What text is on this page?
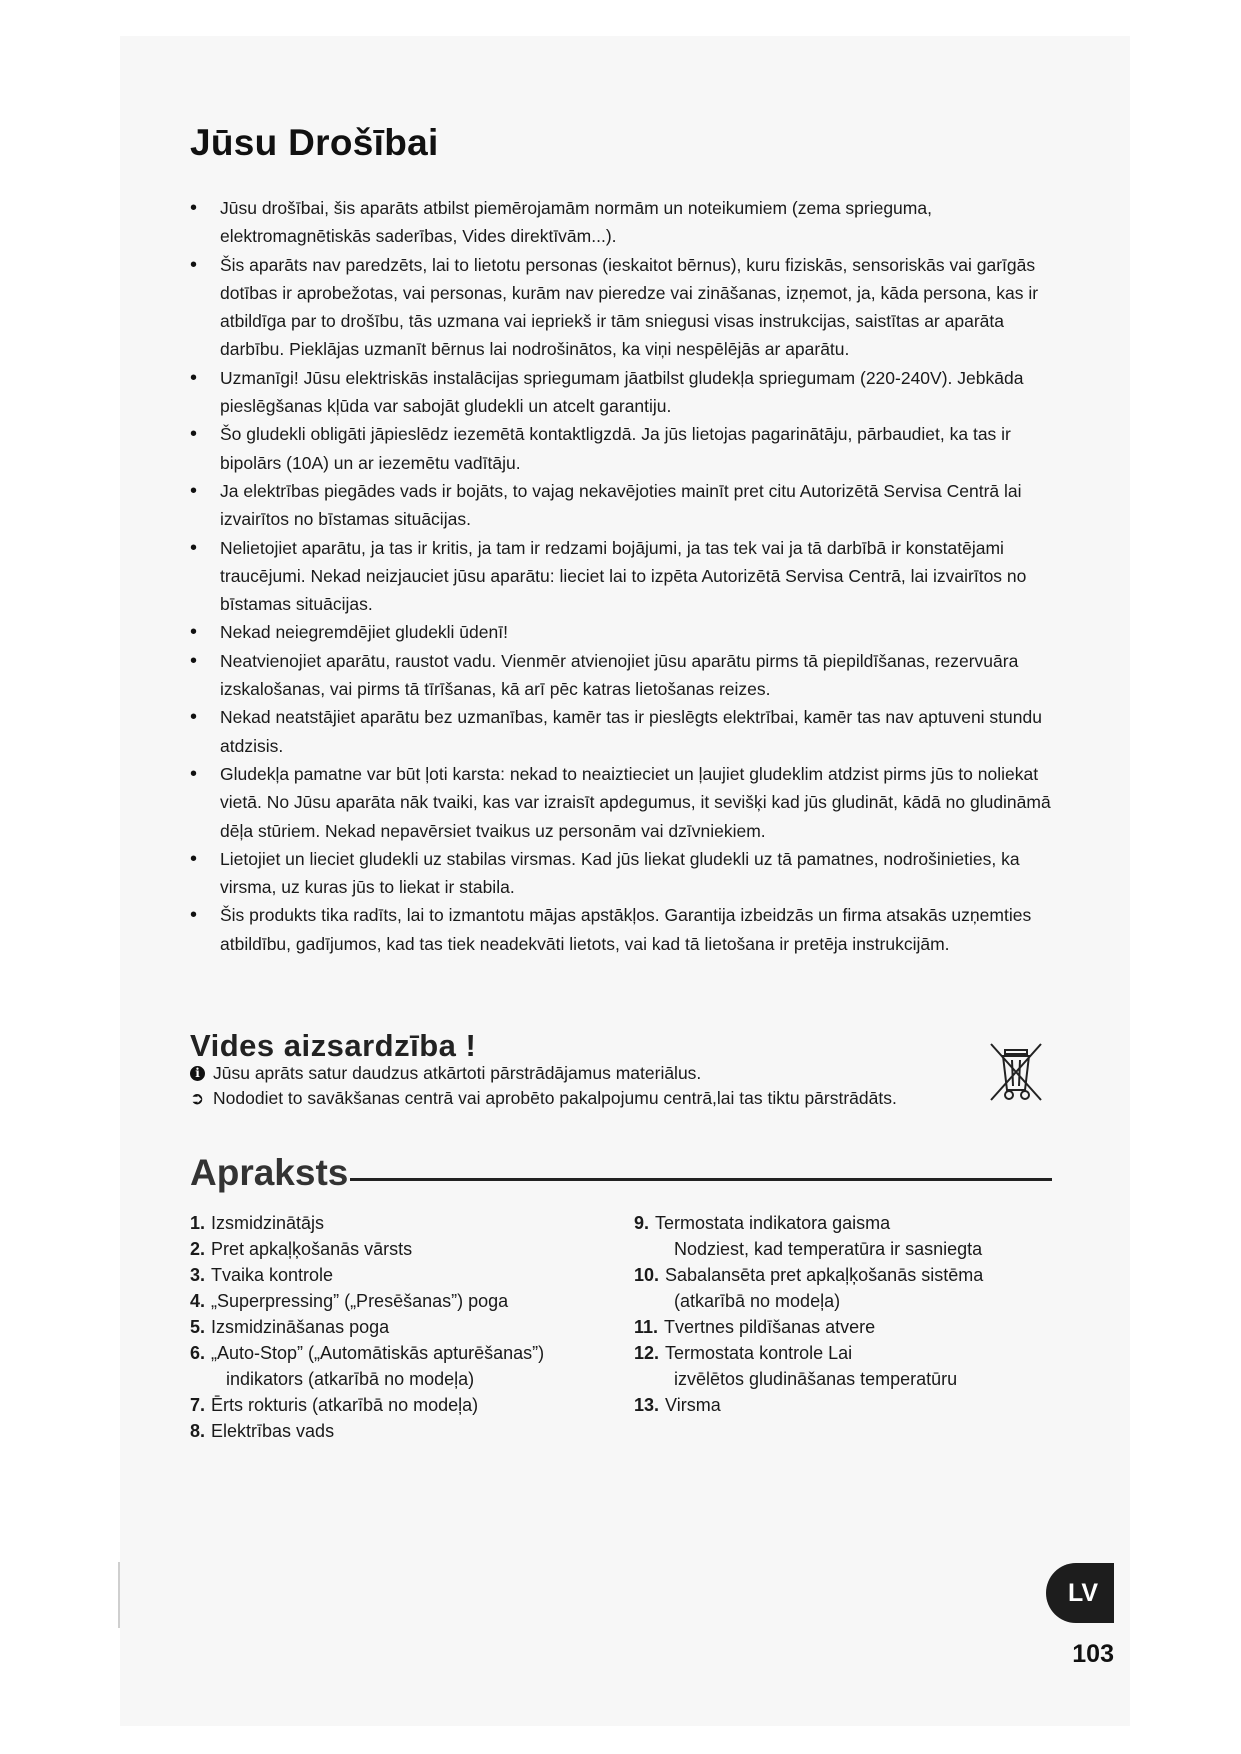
Jūsu Drošībai
• Jūsu drošībai, šis aparāts atbilst piemērojamām normām un noteikumiem (zema sprieguma, elektromagnētiskās saderības, Vides direktīvām...).
• Šis aparāts nav paredzēts, lai to lietotu personas (ieskaitot bērnus), kuru fiziskās, sensoriskās vai garīgās dotības ir aprobežotas, vai personas, kurām nav pieredze vai zināšanas, izņemot, ja, kāda persona, kas ir atbildīga par to drošību, tās uzmana vai iepriekš ir tām sniegusi visas instrukcijas, saistītas ar aparāta darbību. Pieklājas uzmanīt bērnus lai nodrošinātos, ka viņi nespēlējās ar aparātu.
• Uzmanīgi! Jūsu elektriskās instalācijas spriegumam jāatbilst gludekļa spriegumam (220-240V). Jebkāda pieslēgšanas kļūda var sabojāt gludekli un atcelt garantiju.
• Šo gludekli obligāti jāpieslēdz iezemētā kontaktligzdā. Ja jūs lietojas pagarinātāju, pārbaudiet, ka tas ir bipolārs (10A) un ar iezemētu vadītāju.
• Ja elektrības piegādes vads ir bojāts, to vajag nekavējoties mainīt pret citu Autorizētā Servisa Centrā lai izvairītos no bīstamas situācijas.
• Nelietojiet aparātu, ja tas ir kritis, ja tam ir redzami bojājumi, ja tas tek vai ja tā darbībā ir konstatējami traucējumi. Nekad neizjauciet jūsu aparātu: lieciet lai to izpēta Autorizētā Servisa Centrā, lai izvairītos no bīstamas situācijas.
• Nekad neiegremdējiet gludekli ūdenī!
• Neatvienojiet aparātu, raustot vadu. Vienmēr atvienojiet jūsu aparātu pirms tā piepildīšanas, rezervuāra izskalošanas, vai pirms tā tīrīšanas, kā arī pēc katras lietošanas reizes.
• Nekad neatstājiet aparātu bez uzmanības, kamēr tas ir pieslēgts elektrībai, kamēr tas nav aptuveni stundu atdzisis.
• Gludekļa pamatne var būt ļoti karsta: nekad to neaiztieciet un ļaujiet gludeklim atdzist pirms jūs to noliekat vietā. No Jūsu aparāta nāk tvaiki, kas var izraisīt apdegumus, it sevišķi kad jūs gludināt, kādā no gludināmā dēļa stūriem. Nekad nepavērsiet tvaikus uz personām vai dzīvniekiem.
• Lietojiet un lieciet gludekli uz stabilas virsmas. Kad jūs liekat gludekli uz tā pamatnes, nodrošinieties, ka virsma, uz kuras jūs to liekat ir stabila.
• Šis produkts tika radīts, lai to izmantotu mājas apstākļos. Garantija izbeidzās un firma atsakās uzņemties atbildību, gadījumos, kad tas tiek neadekvāti lietots, vai kad tā lietošana ir pretēja instrukcijām.
Vides aizsardzība !
i Jūsu aprāts satur daudzus atkārtoti pārstrādājamus materiālus.
➲ Nododiet to savākšanas centrā vai aprobēto pakalpojumu centrā,lai tas tiktu pārstrādāts.
Apraksts
1. Izsmidzinātājs
2. Pret apkaļķošanās vārsts
3. Tvaika kontrole
4. „Superpressing” („Presēšanas”) poga
5. Izsmidzināšanas poga
6. „Auto-Stop” („Automātiskās apturēšanas”)
indikators (atkarībā no modeļa)
7. Ērts rokturis (atkarībā no modeļa)
8. Elektrības vads
9. Termostata indikatora gaisma
Nodziest, kad temperatūra ir sasniegta
10. Sabalansēta pret apkaļķošanās sistēma
(atkarībā no modeļa)
11. Tvertnes pildīšanas atvere
12. Termostata kontrole Lai
izvēlētos gludināšanas temperatūru
13. Virsma
LV
103
